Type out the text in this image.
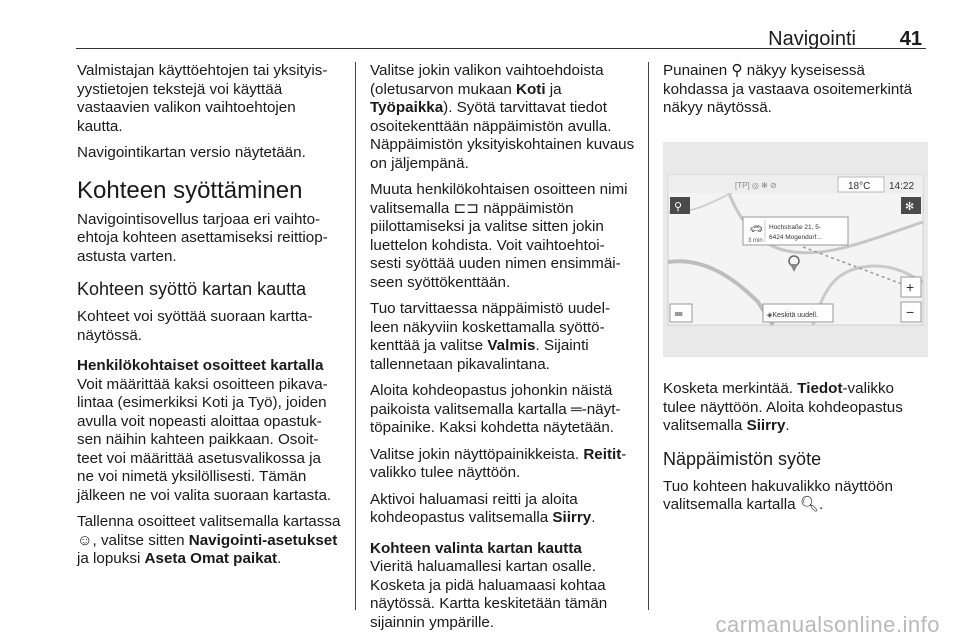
Navigointi 41

Valmistajan käyttöehtojen tai yksityis-yystietojen tekstejä voi käyttää vastaavien valikon vaihtoehtojen kautta.

Navigointikartan versio näytetään.

Kohteen syöttäminen

Navigointisovellus tarjoaa eri vaihto-ehtoja kohteen asettamiseksi reittiop-astusta varten.

Kohteen syöttö kartan kautta

Kohteet voi syöttää suoraan kartta-näytössä.

Henkilökohtaiset osoitteet kartalla

Voit määrittää kaksi osoitteen pikava-lintaa (esimerkiksi Koti ja Työ), joiden avulla voit nopeasti aloittaa opastuk-sen näihin kahteen paikkaan. Osoit-teet voi määrittää asetusvalikossa ja ne voi nimetä yksilöllisesti. Tämän jälkeen ne voi valita suoraan kartasta.

Tallenna osoitteet valitsemalla kartassa ☺, valitse sitten Navigointi-asetukset ja lopuksi Aseta Omat paikat.

Valitse jokin valikon vaihtoehdoista (oletusarvon mukaan Koti ja Työpaikka). Syötä tarvittavat tiedot osoitekenttään näppäimistön avulla. Näppäimistön yksityiskohtainen kuvaus on jäljempänä.

Muuta henkilökohtaisen osoitteen nimi valitsemalla ⊏⊐ näppäimistön piilottamiseksi ja valitse sitten jokin luettelon kohdista. Voit vaihtoehtoi-sesti syöttää uuden nimen ensimmäi-seen syöttökenttään.

Tuo tarvittaessa näppäimistö uudel-leen näkyviin koskettamalla syöttö-kenttää ja valitse Valmis. Sijainti tallennetaan pikavalintana.

Aloita kohdeopastus johonkin näistä paikoista valitsemalla kartalla ═-näyt-töpainike. Kaksi kohdetta näytetään.

Valitse jokin näyttöpainikkeista. Reitit-valikko tulee näyttöön.

Aktivoi haluamasi reitti ja aloita kohdeopastus valitsemalla Siirry.

Kohteen valinta kartan kautta

Vieritä haluamallesi kartan osalle. Kosketa ja pidä haluamaasi kohtaa näytössä. Kartta keskitetään tämän sijainnin ympärille.

Punainen ⚲ näkyy kyseisessä kohdassa ja vastaava osoitemerkintä näkyy näytössä.

[TP] ◎ ✻ ⊘	18°C 14:22
⚲	✻
🚗︎
3 min
Hochstraße 21, 5-
6424 Mogendorf...
+
−
═	◈Keskitä uudell.

Kosketa merkintää. Tiedot-valikko tulee näyttöön. Aloita kohdeopastus valitsemalla Siirry.

Näppäimistön syöte

Tuo kohteen hakuvalikko näyttöön valitsemalla kartalla 🔍︎.

carmanualsonline.info
